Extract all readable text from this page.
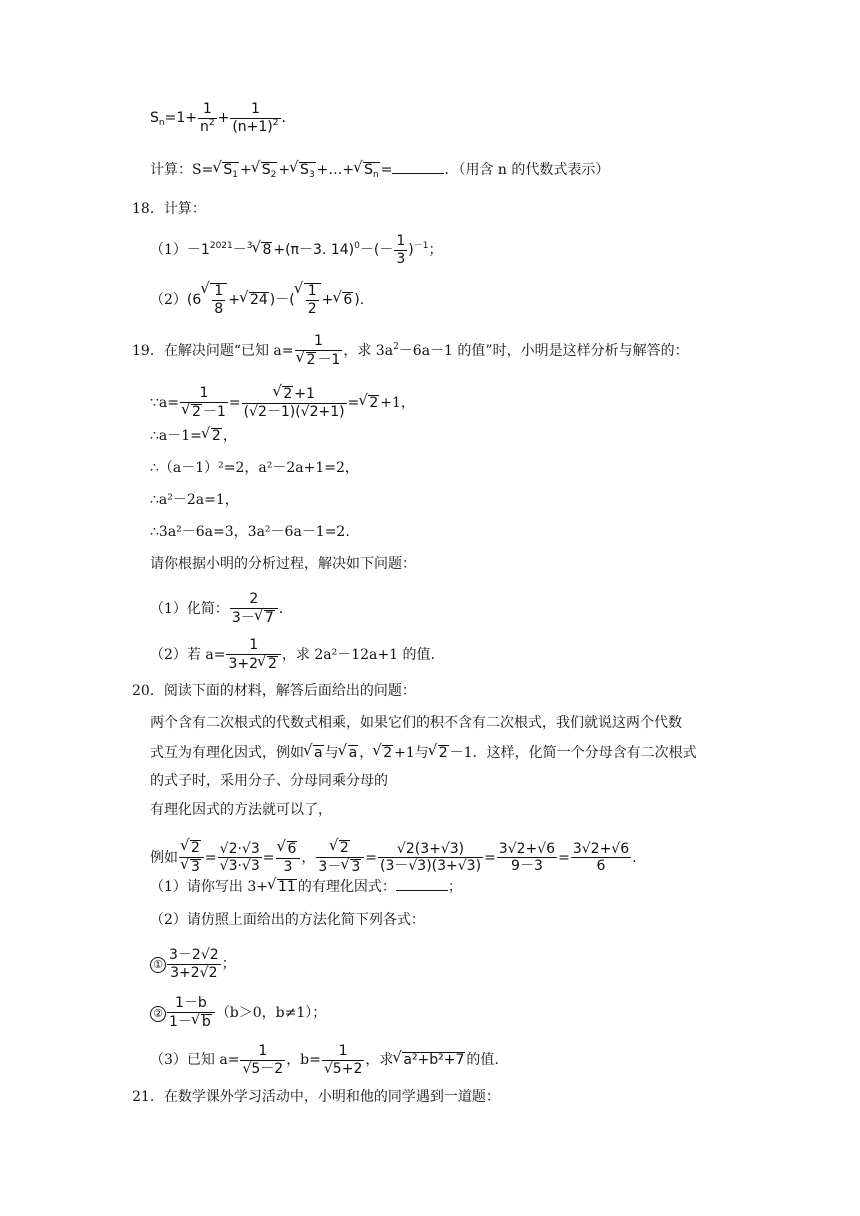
$S_n=1+ \frac{1}{n^2} + \frac{1}{(n+1)^2}$ .
计算：S=√ $S_1$ +√ $S_2$ +√ $S_3$ +…+√ $S_n$ =	．（用含 n 的代数式表示）
18．计算：
$(1)-1^{2021}-^3√$ 8 +(π－3. $14)^0-(- \frac{1}{3} )^{-1}$；
（2）(6
√ $\frac{1}{8}$ +√ 24 )－(
√ $\frac{1}{2}$ +√ 6 ).
19．在解决问题“已知 a= 1
√ 2 －1 ，求 $3a^2-6a-1$ 的值”时，小明是这样分析与解答的：
∵a= 1
√ 2 －1 =
√ $\frac{2 +1}{(√2-1)(√2+1)}$ =√ 2 +1，
∴a－1=√ 2 ，
∴（a－1）²=2，a²－2a+1=2，
∴a²－2a=1，
∴3a²－6a=3，3a²－6a－1=2.
请你根据小明的分析过程，解决如下问题：
（1）化简： $\frac{2}{3-√ 7}$ .
（2）若 $a= \frac{1}{3+2√ 2}$ ，求 2a²－12a+1 的值.
20．阅读下面的材料，解答后面给出的问题：
两个含有二次根式的代数式相乘，如果它们的积不含有二次根式，我们就说这两个代数
式互为有理化因式，例如√ a 与√ a ，√ 2 +1与√ 2 －1．这样，化简一个分母含有二次根式
的式子时，采用分子、分母同乘分母的
有理化因式的方法就可以了，
例如
√ 2
√ $3 = \frac{√2\cdot√3}{√3\cdot√3}$ =
√ $\frac{6}{3}$ ，
√ $\frac{2}{3-√ 3} = \frac{√2(3+√3)}{(3-√3)(3+√3)} = \frac{3√2+√6}{9-3} = \frac{3√2+√6}{6}$ .
（1）请你写出 3+√ 11 的有理化因式：	；
（2）请仿照上面给出的方法化简下列各式：
① $\frac{3-2√2}{3+2√2}$ ；
② $\frac{1-b}{1-√ b} (b>0$，b≠1）；
（3）已知 $a= \frac{1}{√5-2}$ ，$b= \frac{1}{√5+2}$ ，求√ a²+b²+7 的值.
21．在数学课外学习活动中，小明和他的同学遇到一道题：
